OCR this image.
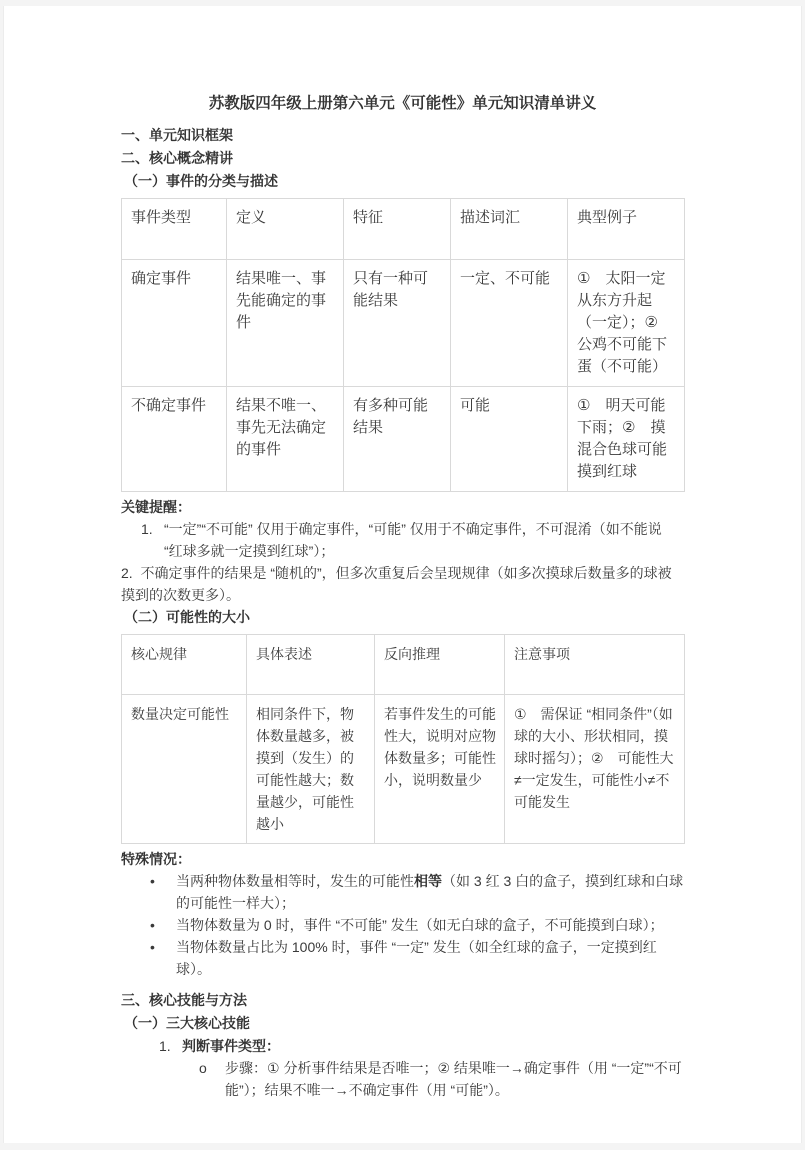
苏教版四年级上册第六单元《可能性》单元知识清单讲义
一、单元知识框架
二、核心概念精讲
（一）事件的分类与描述
事件类型	定义	特征	描述词汇	典型例子
确定事件	结果唯一、事先能确定的事件	只有一种可能结果	一定、不可能	①　太阳一定从东方升起（一定）；②　公鸡不可能下蛋（不可能）
不确定事件	结果不唯一、事先无法确定的事件	有多种可能结果	可能	①　明天可能下雨；②　摸混合色球可能摸到红球
关键提醒：
1. “一定”“不可能” 仅用于确定事件，“可能” 仅用于不确定事件，不可混淆（如不能说 “红球多就一定摸到红球”）；

2. 不确定事件的结果是 “随机的”，但多次重复后会呈现规律（如多次摸球后数量多的球被摸到的次数更多）。

（二）可能性的大小
核心规律	具体表述	反向推理	注意事项
数量决定可能性	相同条件下，物体数量越多，被摸到（发生）的可能性越大；数量越少，可能性越小	若事件发生的可能性大，说明对应物体数量多；可能性小，说明数量少	①　需保证 “相同条件”（如球的大小、形状相同，摸球时摇匀）；②　可能性大≠一定发生，可能性小≠不可能发生
特殊情况：
•	当两种物体数量相等时，发生的可能性相等（如 3 红 3 白的盒子，摸到红球和白球的可能性一样大）；
•	当物体数量为 0 时，事件 “不可能” 发生（如无白球的盒子，不可能摸到白球）；
•	当物体数量占比为 100% 时，事件 “一定” 发生（如全红球的盒子，一定摸到红球）。
三、核心技能与方法
（一）三大核心技能
1. 判断事件类型：
o	步骤：① 分析事件结果是否唯一；② 结果唯一→确定事件（用 “一定”“不可能”）；结果不唯一→不确定事件（用 “可能”）。
